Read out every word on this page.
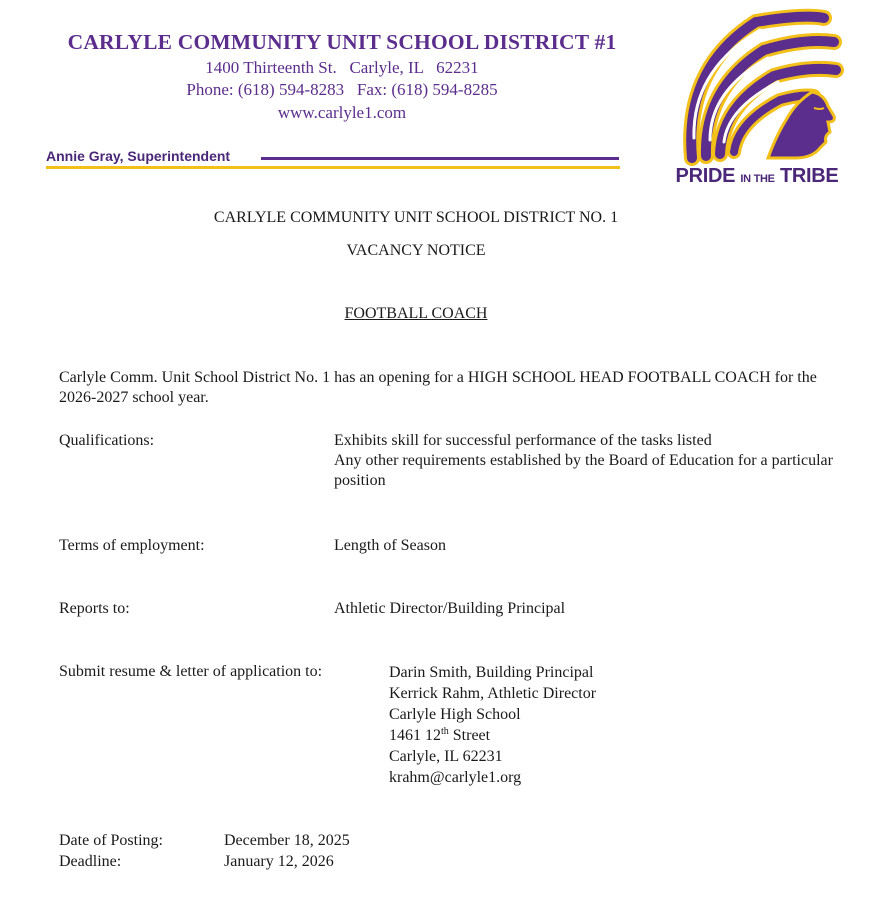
CARLYLE COMMUNITY UNIT SCHOOL DISTRICT #1
1400 Thirteenth St.   Carlyle, IL   62231
Phone: (618) 594-8283   Fax: (618) 594-8285
www.carlyle1.com
Annie Gray, Superintendent
PRIDE IN THE TRIBE
CARLYLE COMMUNITY UNIT SCHOOL DISTRICT NO. 1
VACANCY NOTICE
FOOTBALL COACH
Carlyle Comm. Unit School District No. 1 has an opening for a HIGH SCHOOL HEAD FOOTBALL COACH for the 2026-2027 school year.
Qualifications:	Exhibits skill for successful performance of the tasks listed
Any other requirements established by the Board of Education for a particular position
Terms of employment:	Length of Season
Reports to:	Athletic Director/Building Principal
Submit resume & letter of application to:	Darin Smith, Building Principal
Kerrick Rahm, Athletic Director
Carlyle High School
1461 12th Street
Carlyle, IL 62231
krahm@carlyle1.org
Date of Posting:	December 18, 2025
Deadline:	January 12, 2026
